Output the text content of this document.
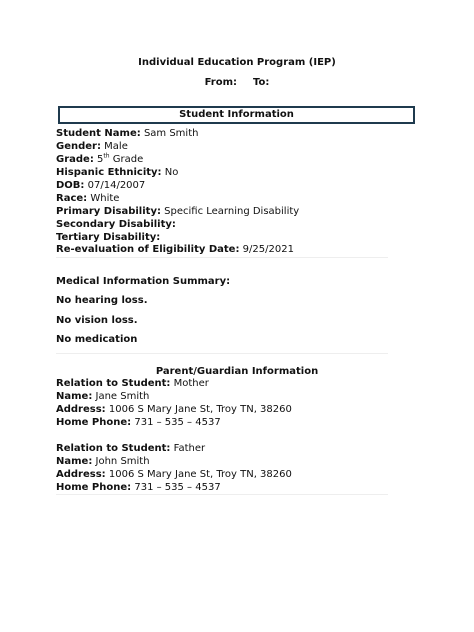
Individual Education Program (IEP)
From: To:
Student Information
Student Name: Sam Smith
Gender: Male
Grade: 5th Grade
Hispanic Ethnicity: No
DOB: 07/14/2007
Race: White
Primary Disability: Specific Learning Disability
Secondary Disability:
Tertiary Disability:
Re-evaluation of Eligibility Date: 9/25/2021
Medical Information Summary:
No hearing loss.
No vision loss.
No medication
Parent/Guardian Information
Relation to Student: Mother
Name: Jane Smith
Address: 1006 S Mary Jane St, Troy TN, 38260
Home Phone: 731 – 535 – 4537
Relation to Student: Father
Name: John Smith
Address: 1006 S Mary Jane St, Troy TN, 38260
Home Phone: 731 – 535 – 4537
